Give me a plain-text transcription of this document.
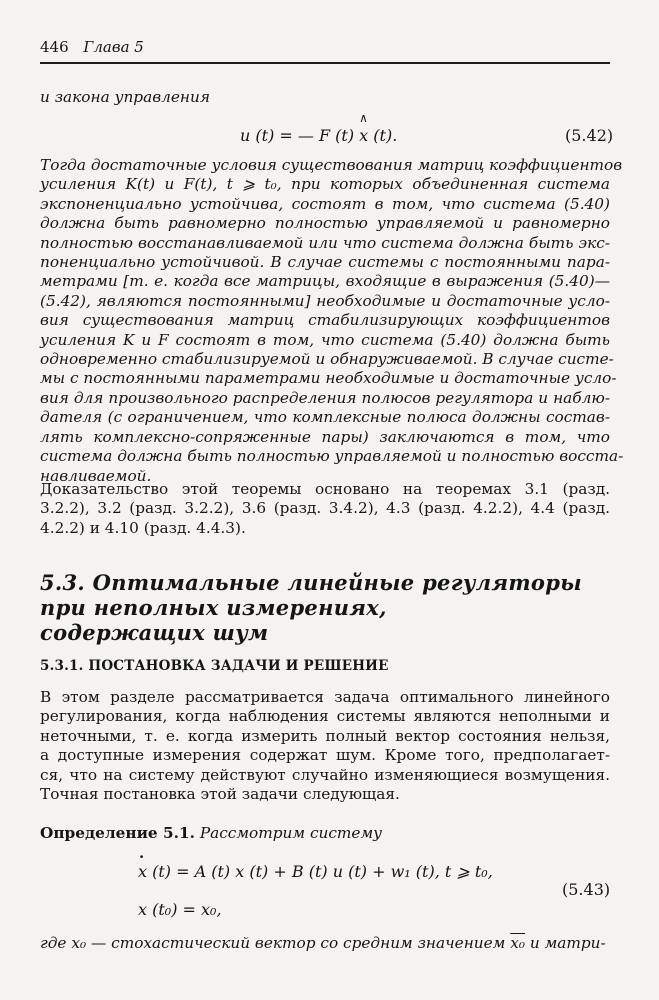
446 Глава 5
и закона управления
u (t) = — F (t) ∧ x (t).	(5.42)
Тогда достаточные условия существования матриц коэффициентов
усиления K(t) и F(t), t ⩾ t₀, при которых объединенная система
экспоненциально устойчива, состоят в том, что система (5.40)
должна быть равномерно полностью управляемой и равномерно
полностью восстанавливаемой или что система должна быть экс-
поненциально устойчивой. В случае системы с постоянными пара-
метрами [т. е. когда все матрицы, входящие в выражения (5.40)—
(5.42), являются постоянными] необходимые и достаточные усло-
вия существования матриц стабилизирующих коэффициентов
усиления K и F состоят в том, что система (5.40) должна быть
одновременно стабилизируемой и обнаруживаемой. В случае систе-
мы с постоянными параметрами необходимые и достаточные усло-
вия для произвольного распределения полюсов регулятора и наблю-
дателя (с ограничением, что комплексные полюса должны состав-
лять комплексно-сопряженные пары) заключаются в том, что
система должна быть полностью управляемой и полностью восста-
навливаемой.
Доказательство этой теоремы основано на теоремах 3.1 (разд.
3.2.2), 3.2 (разд. 3.2.2), 3.6 (разд. 3.4.2), 4.3 (разд. 4.2.2), 4.4 (разд.
4.2.2) и 4.10 (разд. 4.4.3).
5.3. Оптимальные линейные регуляторы
при неполных измерениях,
содержащих шум
5.3.1. ПОСТАНОВКА ЗАДАЧИ И РЕШЕНИЕ
В этом разделе рассматривается задача оптимального линейного
регулирования, когда наблюдения системы являются неполными и
неточными, т. е. когда измерить полный вектор состояния нельзя,
а доступные измерения содержат шум. Кроме того, предполагает-
ся, что на систему действуют случайно изменяющиеся возмущения.
Точная постановка этой задачи следующая.
Определение 5.1. Рассмотрим систему
· x (t) = A (t) x (t) + B (t) u (t) + w₁ (t), t ⩾ t₀,
x (t₀) = x₀,
(5.43)
где x₀ — стохастический вектор со средним значением x₀ и матри-
